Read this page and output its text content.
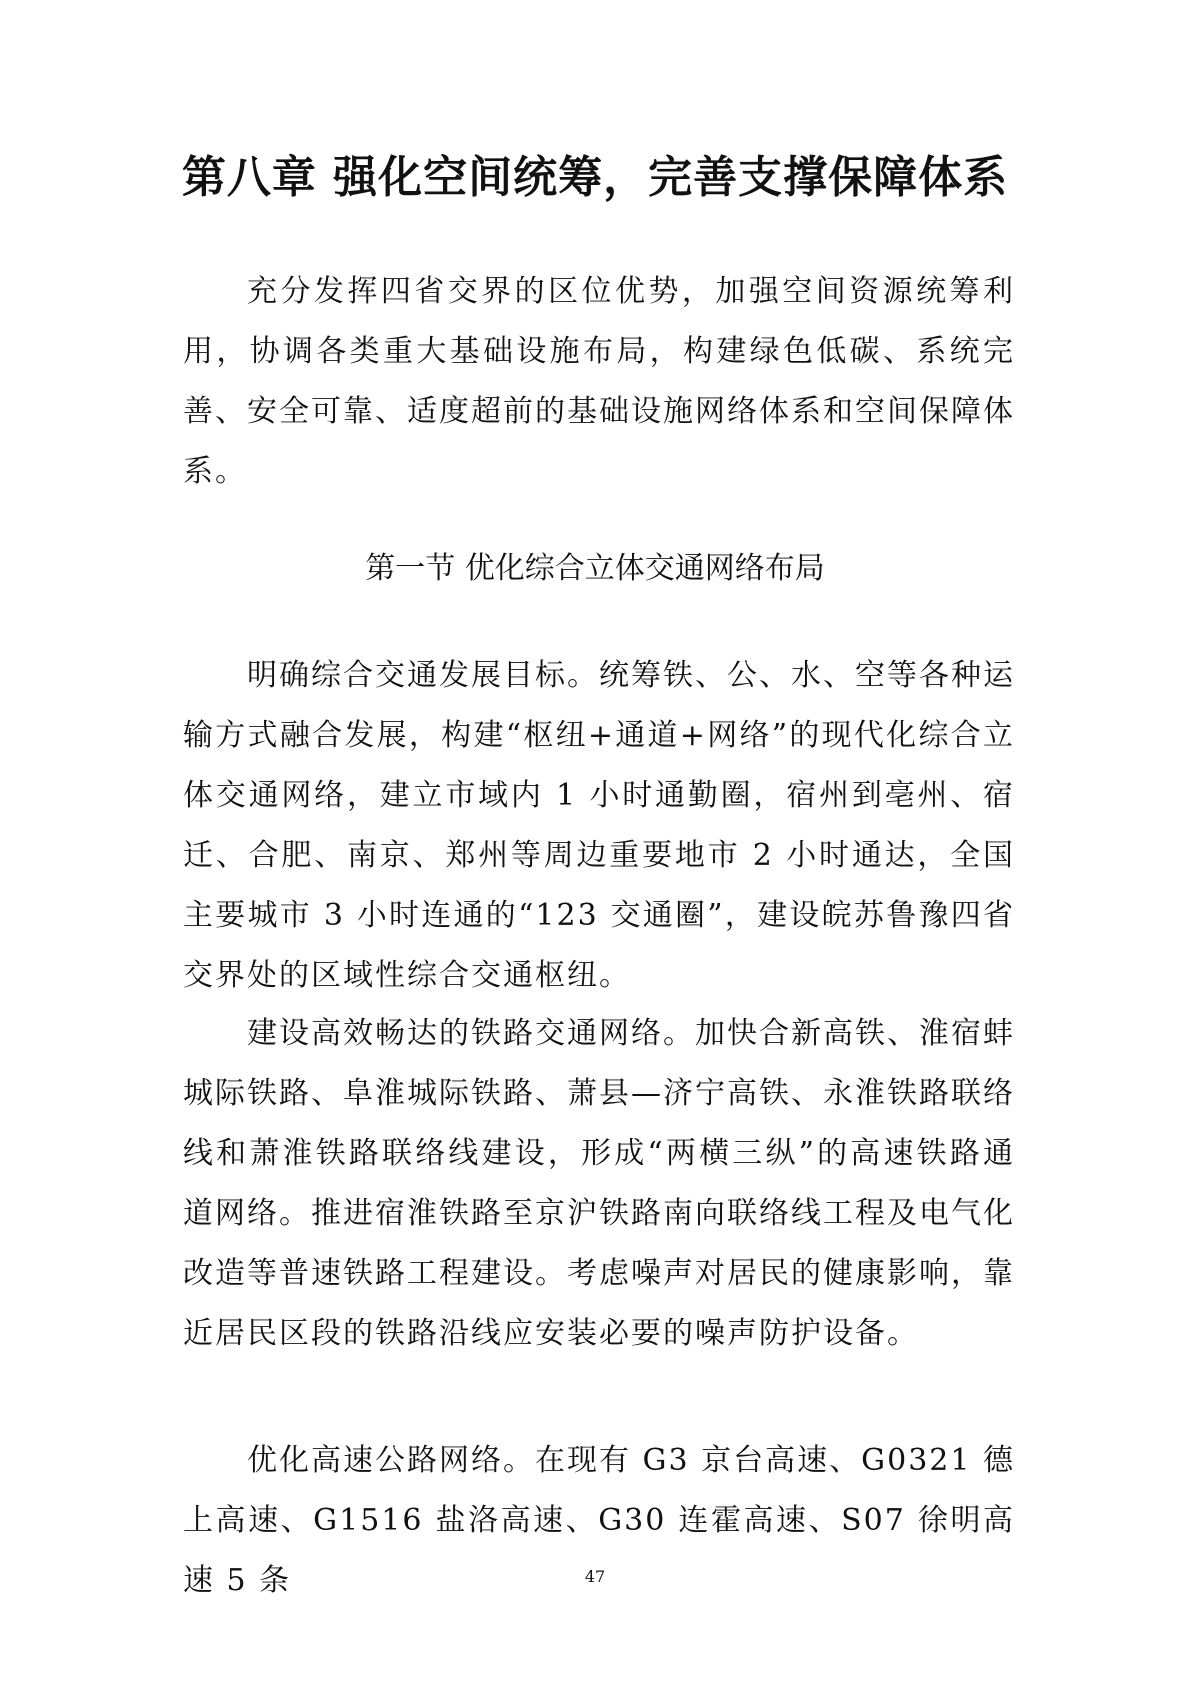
第八章 强化空间统筹，完善支撑保障体系

充分发挥四省交界的区位优势，加强空间资源统筹利用，协调各类重大基础设施布局，构建绿色低碳、系统完善、安全可靠、适度超前的基础设施网络体系和空间保障体系。

第一节 优化综合立体交通网络布局

明确综合交通发展目标。统筹铁、公、水、空等各种运输方式融合发展，构建“枢纽+通道+网络”的现代化综合立体交通网络，建立市域内 1 小时通勤圈，宿州到亳州、宿迁、合肥、南京、郑州等周边重要地市 2 小时通达，全国主要城市 3 小时连通的“123 交通圈”，建设皖苏鲁豫四省交界处的区域性综合交通枢纽。

建设高效畅达的铁路交通网络。加快合新高铁、淮宿蚌城际铁路、阜淮城际铁路、萧县—济宁高铁、永淮铁路联络线和萧淮铁路联络线建设，形成“两横三纵”的高速铁路通道网络。推进宿淮铁路至京沪铁路南向联络线工程及电气化改造等普速铁路工程建设。考虑噪声对居民的健康影响，靠近居民区段的铁路沿线应安装必要的噪声防护设备。

优化高速公路网络。在现有 G3 京台高速、G0321 德上高速、G1516 盐洛高速、G30 连霍高速、S07 徐明高速 5 条	47
